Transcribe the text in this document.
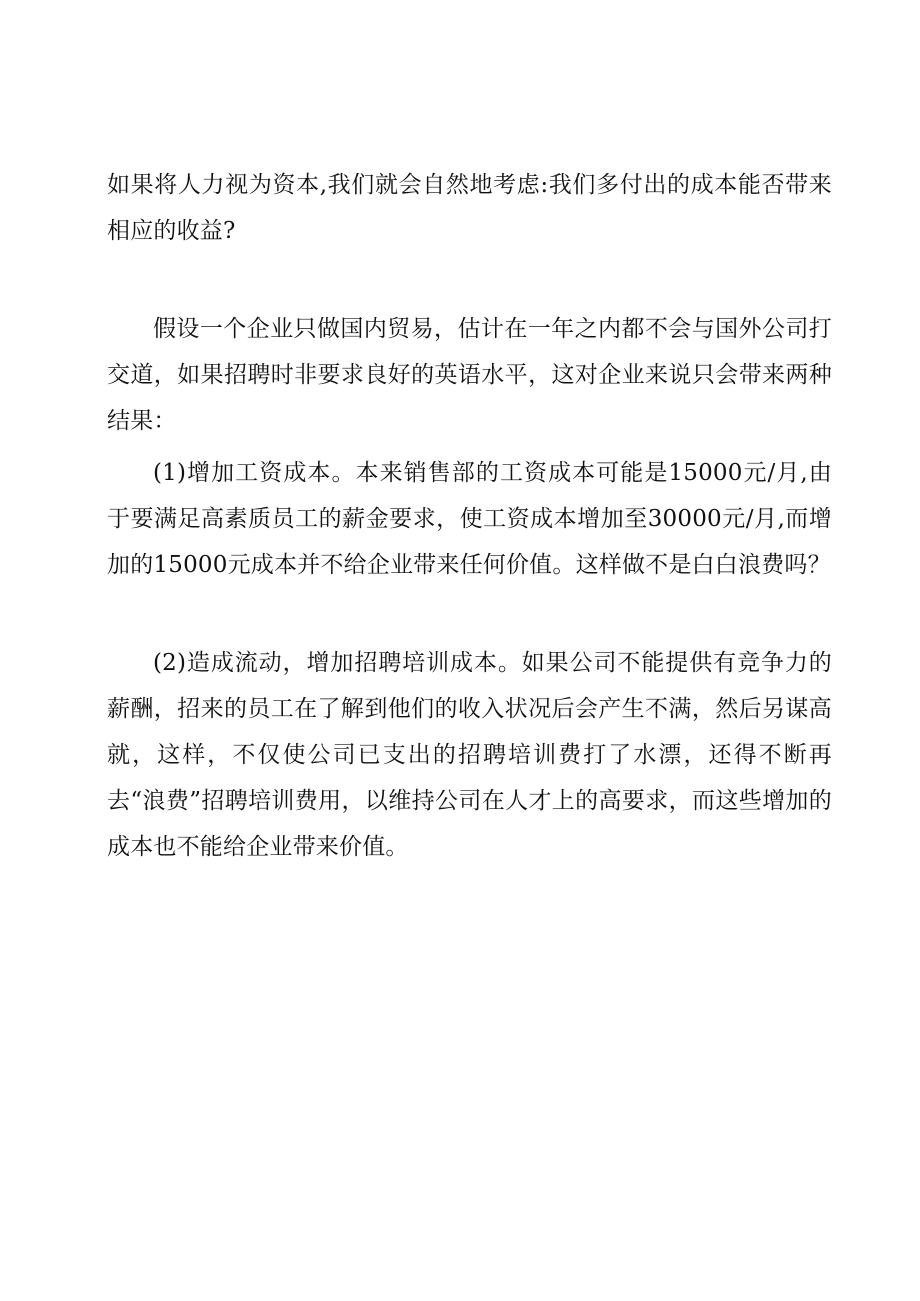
如果将人力视为资本,我们就会自然地考虑:我们多付出的成本能否带来相应的收益?

假设一个企业只做国内贸易，估计在一年之内都不会与国外公司打交道，如果招聘时非要求良好的英语水平，这对企业来说只会带来两种结果：

(1)增加工资成本。本来销售部的工资成本可能是15000元/月,由于要满足高素质员工的薪金要求，使工资成本增加至30000元/月,而增加的15000元成本并不给企业带来任何价值。这样做不是白白浪费吗？

(2)造成流动，增加招聘培训成本。如果公司不能提供有竞争力的薪酬，招来的员工在了解到他们的收入状况后会产生不满，然后另谋高就，这样，不仅使公司已支出的招聘培训费打了水漂，还得不断再去“浪费”招聘培训费用，以维持公司在人才上的高要求，而这些增加的成本也不能给企业带来价值。
